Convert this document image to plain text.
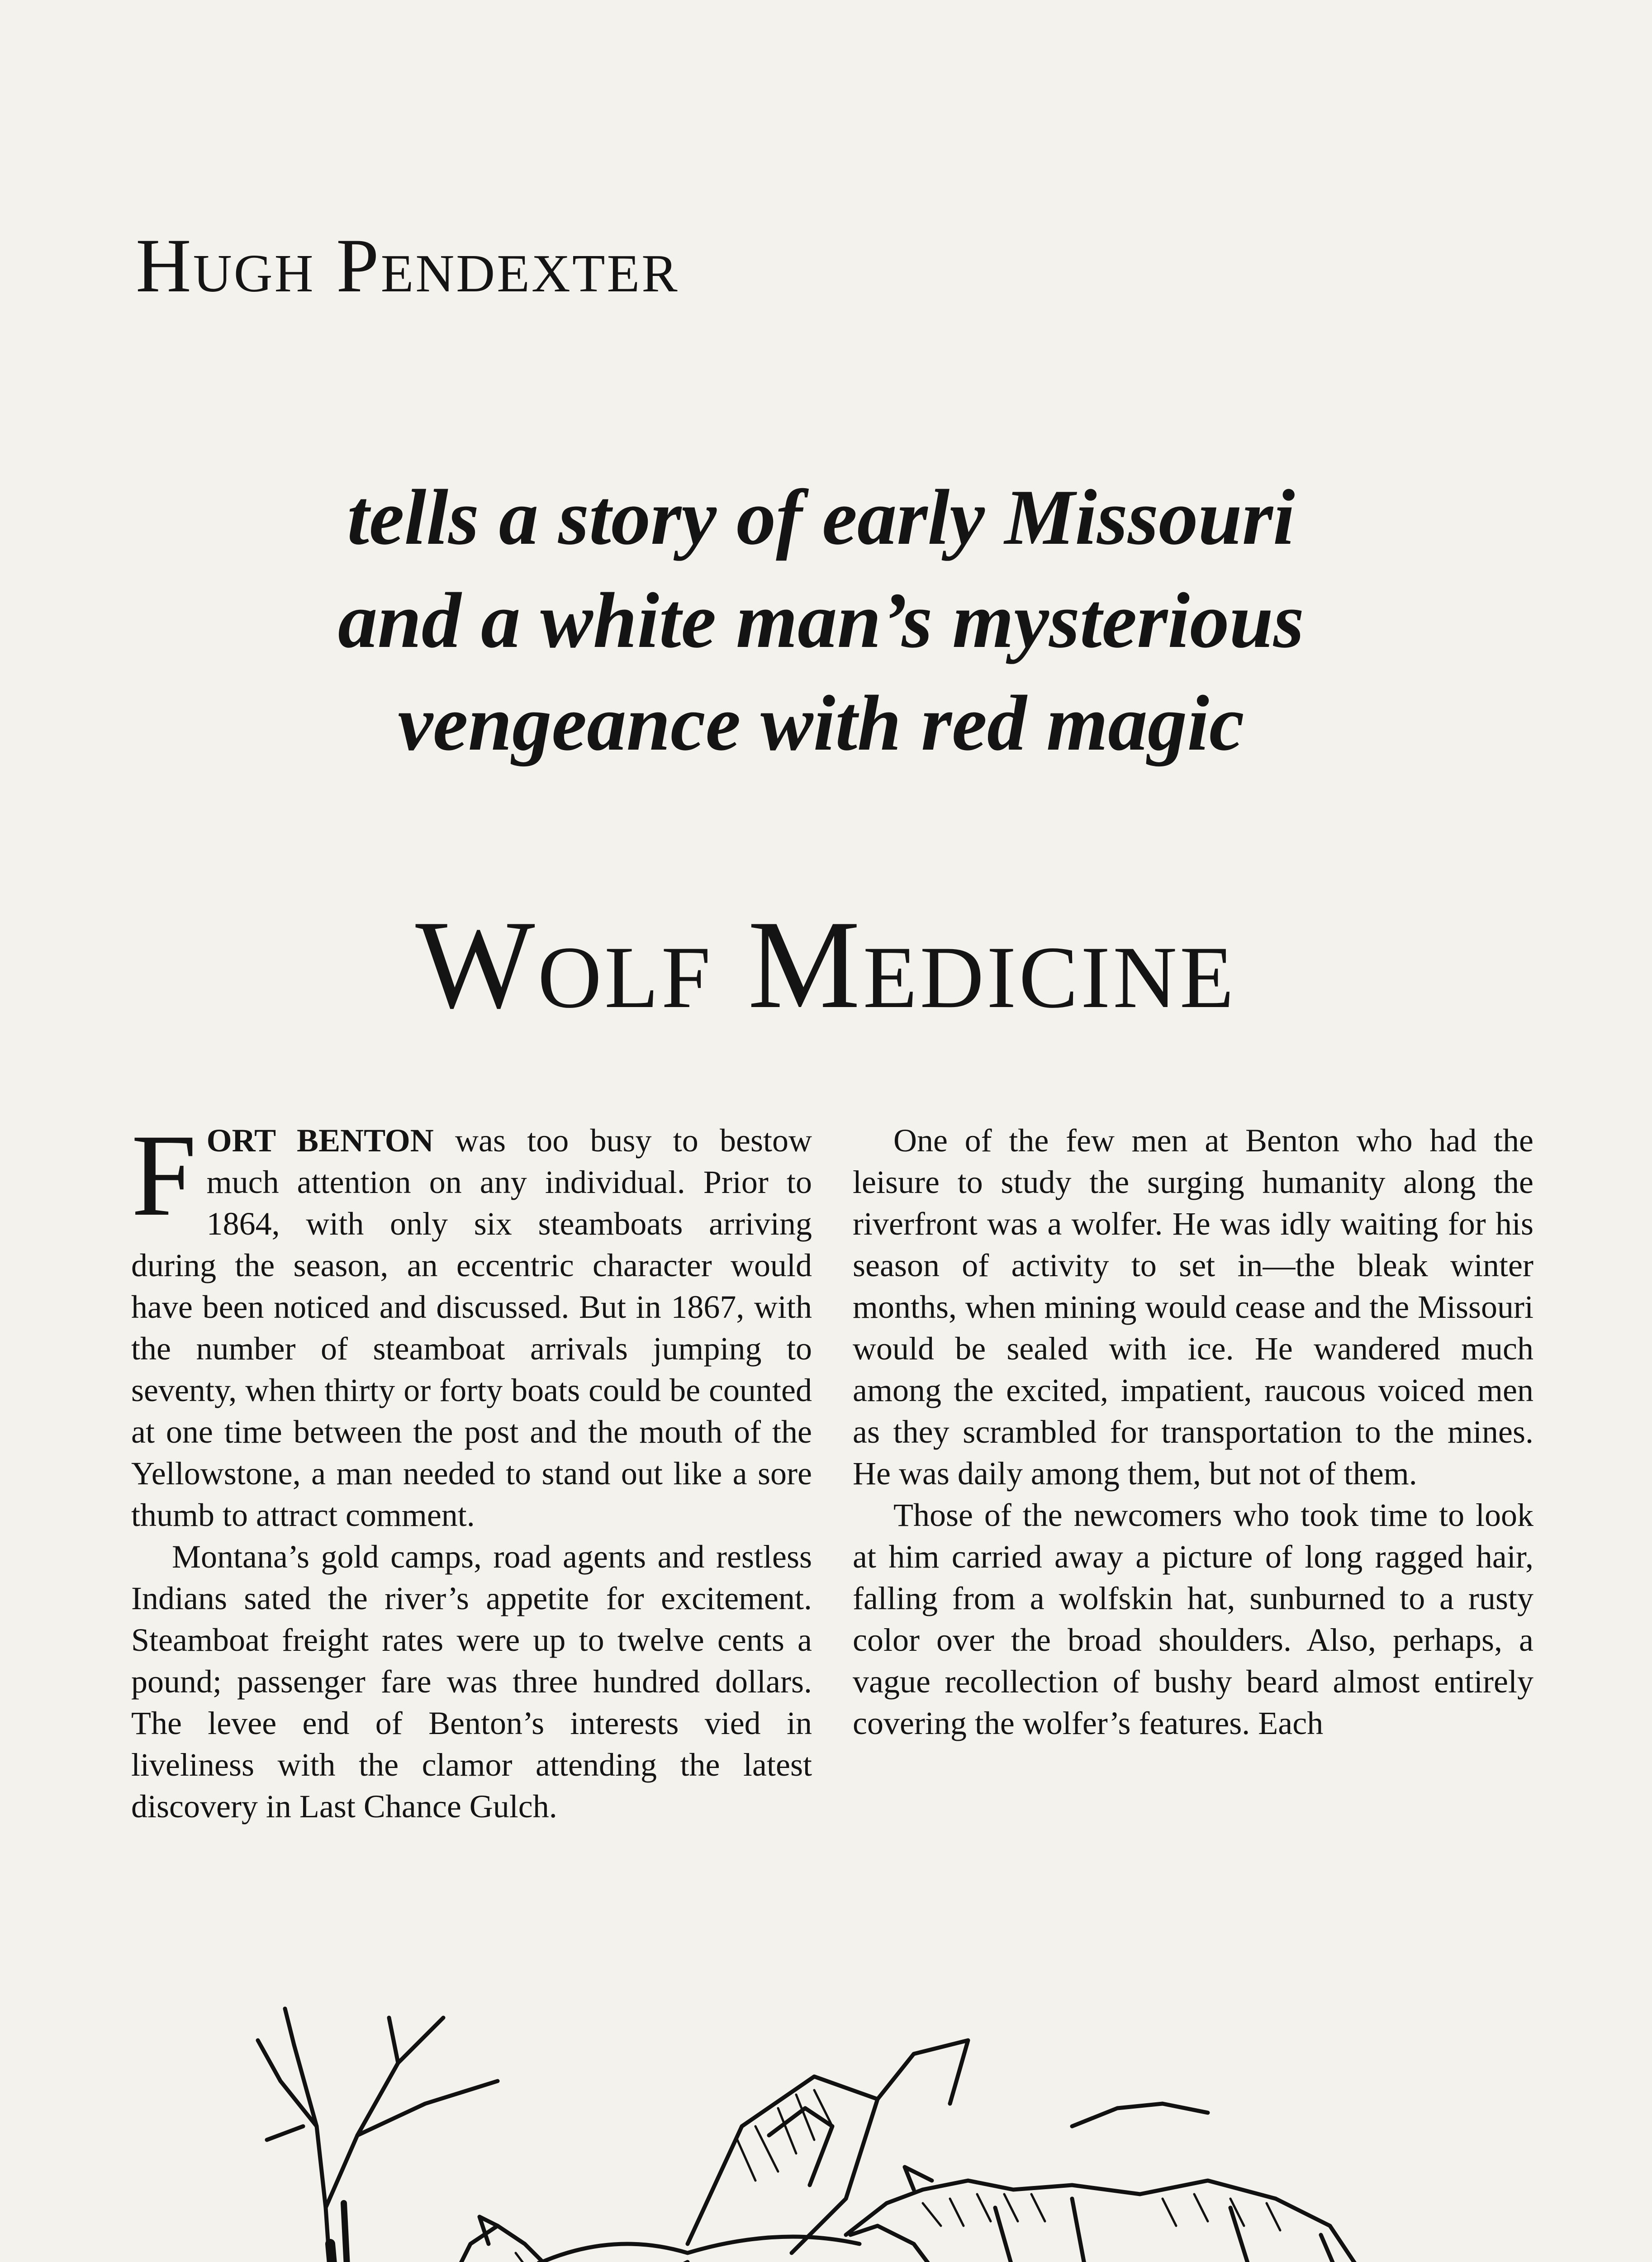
Hugh Pendexter
tells a story of early Missouri
and a white man’s mysterious
vengeance with red magic
Wolf Medicine

FORT BENTON was too busy to bestow much attention on any individual. Prior to 1864, with only six steamboats arriving during the season, an eccentric character would have been noticed and discussed. But in 1867, with the number of steamboat arrivals jumping to seventy, when thirty or forty boats could be counted at one time between the post and the mouth of the Yellowstone, a man needed to stand out like a sore thumb to attract comment.

Montana’s gold camps, road agents and restless Indians sated the river’s appetite for excitement. Steamboat freight rates were up to twelve cents a pound; passenger fare was three hundred dollars. The levee end of Benton’s interests vied in liveliness with the clamor attending the latest discovery in Last Chance Gulch.

One of the few men at Benton who had the leisure to study the surging humanity along the riverfront was a wolfer. He was idly waiting for his season of activity to set in—the bleak winter months, when mining would cease and the Missouri would be sealed with ice. He wandered much among the excited, impatient, raucous voiced men as they scrambled for transportation to the mines. He was daily among them, but not of them.

Those of the newcomers who took time to look at him carried away a picture of long ragged hair, falling from a wolfskin hat, sunburned to a rusty color over the broad shoulders. Also, perhaps, a vague recollection of bushy beard almost entirely covering the wolfer’s features. Each
